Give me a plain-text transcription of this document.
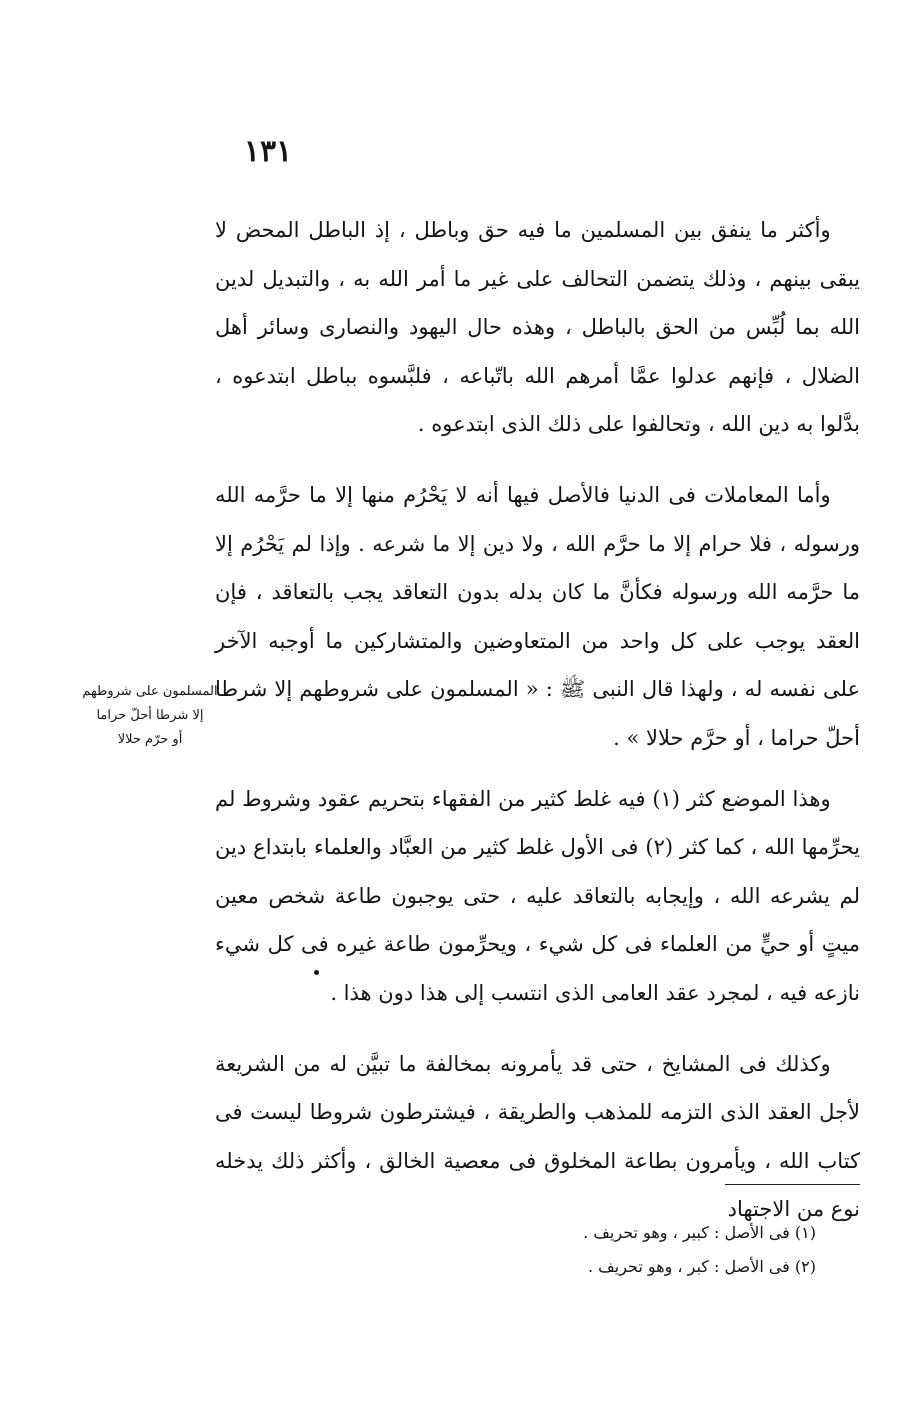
١٣١

وأكثر ما ينفق بين المسلمين ما فيه حق وباطل ، إذ الباطل المحض لا يبقى بينهم ، وذلك يتضمن التحالف على غير ما أمر الله به ، والتبديل لدين الله بما لُبِّس من الحق بالباطل ، وهذه حال اليهود والنصارى وسائر أهل الضلال ، فإنهم عدلوا عمَّا أمرهم الله باتّباعه ، فلبَّسوه بباطل ابتدعوه ، بدَّلوا به دين الله ، وتحالفوا على ذلك الذى ابتدعوه .

وأما المعاملات فى الدنيا فالأصل فيها أنه لا يَحْرُم منها إلا ما حرَّمه الله ورسوله ، فلا حرام إلا ما حرَّم الله ، ولا دين إلا ما شرعه . وإذا لم يَحْرُم إلا ما حرَّمه الله ورسوله فكأنَّ ما كان بدله بدون التعاقد يجب بالتعاقد ، فإن العقد يوجب على كل واحد من المتعاوضين والمتشاركين ما أوجبه الآخر على نفسه له ، ولهذا قال النبى ﷺ : « المسلمون على شروطهم إلا شرطا أحلّ حراما ، أو حرَّم حلالا » .

وهذا الموضع كثر (١) فيه غلط كثير من الفقهاء بتحريم عقود وشروط لم يحرِّمها الله ، كما كثر (٢) فى الأول غلط كثير من العبَّاد والعلماء بابتداع دين لم يشرعه الله ، وإيجابه بالتعاقد عليه ، حتى يوجبون طاعة شخص معين ميتٍ أو حيٍّ من العلماء فى كل شيء ، ويحرِّمون طاعة غيره فى كل شيء نازعه فيه ، لمجرد عقد العامى الذى انتسب إلى هذا دون هذا .

وكذلك فى المشايخ ، حتى قد يأمرونه بمخالفة ما تبيَّن له من الشريعة لأجل العقد الذى التزمه للمذهب والطريقة ، فيشترطون شروطا ليست فى كتاب الله ، ويأمرون بطاعة المخلوق فى معصية الخالق ، وأكثر ذلك يدخله نوع من الاجتهاد

المسلمون على شروطهم
إلا شرطا أحلّ حراما
أو حرّم حلالا
(١) فى الأصل : كبير ، وهو تحريف .
(٢) فى الأصل : كبر ، وهو تحريف .
